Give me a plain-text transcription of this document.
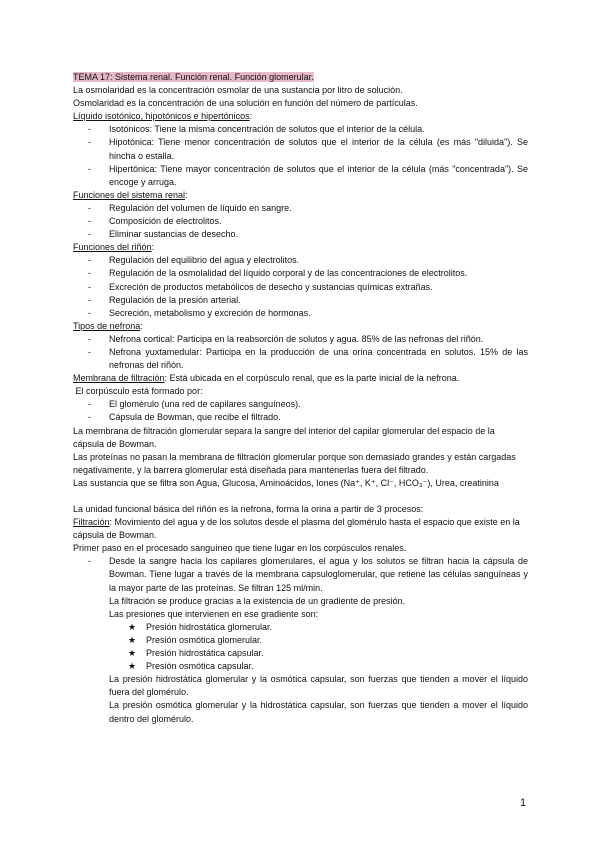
TEMA 17: Sistema renal. Función renal. Función glomerular.

La osmolaridad es la concentración osmolar de una sustancia por litro de solución.

Osmolaridad es la concentración de una solución en función del número de partículas.

Líquido isotónico, hipotónicos e hipertónicos:

- Isotónicos: Tiene la misma concentración de solutos que el interior de la célula.
- Hipotónica: Tiene menor concentración de solutos que el interior de la célula (es más "diluida"). Se hincha o estalla.
- Hipertónica: Tiene mayor concentración de solutos que el interior de la célula (más "concentrada"). Se encoge y arruga.

Funciones del sistema renal:

- Regulación del volumen de líquido en sangre.
- Composición de electrolitos.
- Eliminar sustancias de desecho.

Funciones del riñón:

- Regulación del equilibrio del agua y electrolitos.
- Regulación de la osmolalidad del líquido corporal y de las concentraciones de electrolitos.
- Excreción de productos metabólicos de desecho y sustancias químicas extrañas.
- Regulación de la presión arterial.
- Secreción, metabolismo y excreción de hormonas.

Tipos de nefrona:

- Nefrona cortical: Participa en la reabsorción de solutos y agua. 85% de las nefronas del riñón.
- Nefrona yuxtamedular: Participa en la producción de una orina concentrada en solutos. 15% de las nefronas del riñón.

Membrana de filtración: Está ubicada en el corpúsculo renal, que es la parte inicial de la nefrona.

El corpúsculo está formado por:

- El glomérulo (una red de capilares sanguíneos).
- Cápsula de Bowman, que recibe el filtrado.

La membrana de filtración glomerular separa la sangre del interior del capilar glomerular del espacio de la cápsula de Bowman.

Las proteínas no pasan la membrana de filtración glomerular porque son demasiado grandes y están cargadas negativamente, y la barrera glomerular está diseñada para mantenerlas fuera del filtrado.

Las sustancia que se filtra son Agua, Glucosa, Aminoácidos, Iones (Na⁺, K⁺, Cl⁻, HCO₃⁻), Urea, creatinina

La unidad funcional básica del riñón es la nefrona, forma la orina a partir de 3 procesos:

Filtración: Movimiento del agua y de los solutos desde el plasma del glomérulo hasta el espacio que existe en la cápsula de Bowman.

Primer paso en el procesado sanguíneo que tiene lugar en los corpúsculos renales.

- Desde la sangre hacia los capilares glomerulares, el agua y los solutos se filtran hacia la cápsula de Bowman. Tiene lugar a través de la membrana capsuloglomerular, que retiene las células sanguíneas y la mayor parte de las proteínas. Se filtran 125 ml/min.
La filtración se produce gracias a la existencia de un gradiente de presión.
Las presiones que intervienen en ese gradiente son:
★ Presión hidrostática glomerular.
★ Presión osmótica glomerular.
★ Presión hidrostática capsular.
★ Presión osmótica capsular.
La presión hidrostática glomerular y la osmótica capsular, son fuerzas que tienden a mover el líquido fuera del glomérulo.
La presión osmótica glomerular y la hidrostática capsular, son fuerzas que tienden a mover el líquido dentro del glomérulo.
1
